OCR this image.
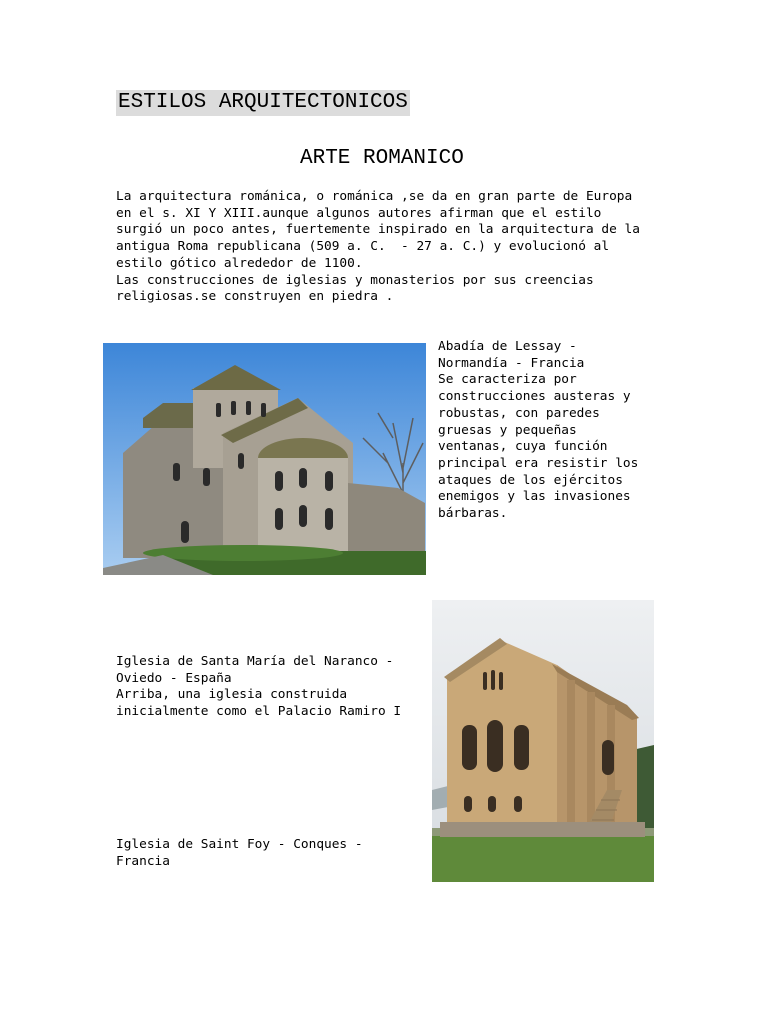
ESTILOS ARQUITECTONICOS
ARTE ROMANICO
La arquitectura románica, o románica ,se da en gran parte de Europa
en el s. XI Y XIII.aunque algunos autores afirman que el estilo
surgió un poco antes, fuertemente inspirado en la arquitectura de la
antigua Roma republicana (509 a. C.  - 27 a. C.) y evolucionó al
estilo gótico alrededor de 1100.
Las construcciones de iglesias y monasterios por sus creencias
religiosas.se construyen en piedra .
Abadía de Lessay -
Normandía - Francia
Se caracteriza por
construcciones austeras y
robustas, con paredes
gruesas y pequeñas
ventanas, cuya función
principal era resistir los
ataques de los ejércitos
enemigos y las invasiones
bárbaras.
Iglesia de Santa María del Naranco -
Oviedo - España
Arriba, una iglesia construida
inicialmente como el Palacio Ramiro I
Iglesia de Saint Foy - Conques -
Francia
